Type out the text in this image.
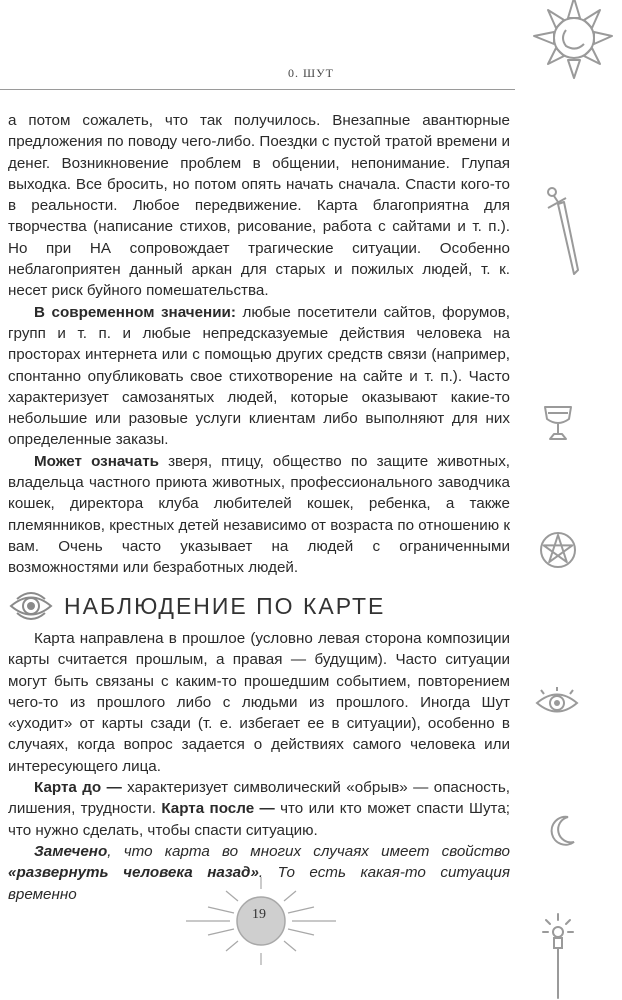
0. ШУТ

а потом сожалеть, что так получилось. Внезапные авантюрные предложения по поводу чего-либо. Поездки с пустой тратой времени и денег. Возникновение проблем в общении, непонимание. Глупая выходка. Все бросить, но потом опять начать сначала. Спасти кого-то в реальности. Любое передвижение. Карта благоприятна для творчества (написание стихов, рисование, работа с сайтами и т. п.). Но при НА сопровождает трагические ситуации. Особенно неблагоприятен данный аркан для старых и пожилых людей, т. к. несет риск буйного помешательства.

В современном значении: любые посетители сайтов, форумов, групп и т. п. и любые непредсказуемые действия человека на просторах интернета или с помощью других средств связи (например, спонтанно опубликовать свое стихотворение на сайте и т. п.). Часто характеризует самозанятых людей, которые оказывают какие-то небольшие или разовые услуги клиентам либо выполняют для них определенные заказы.

Может означать зверя, птицу, общество по защите животных, владельца частного приюта животных, профессионального заводчика кошек, директора клуба любителей кошек, ребенка, а также племянников, крестных детей независимо от возраста по отношению к вам. Очень часто указывает на людей с ограниченными возможностями или безработных людей.

НАБЛЮДЕНИЕ ПО КАРТЕ

Карта направлена в прошлое (условно левая сторона композиции карты считается прошлым, а правая — будущим). Часто ситуации могут быть связаны с каким-то прошедшим событием, повторением чего-то из прошлого либо с людьми из прошлого. Иногда Шут «уходит» от карты сзади (т. е. избегает ее в ситуации), особенно в случаях, когда вопрос задается о действиях самого человека или интересующего лица.

Карта до — характеризует символический «обрыв» — опасность, лишения, трудности. Карта после — что или кто может спасти Шута; что нужно сделать, чтобы спасти ситуацию.

Замечено, что карта во многих случаях имеет свойство «развернуть человека назад». То есть какая-то ситуация временно

19
